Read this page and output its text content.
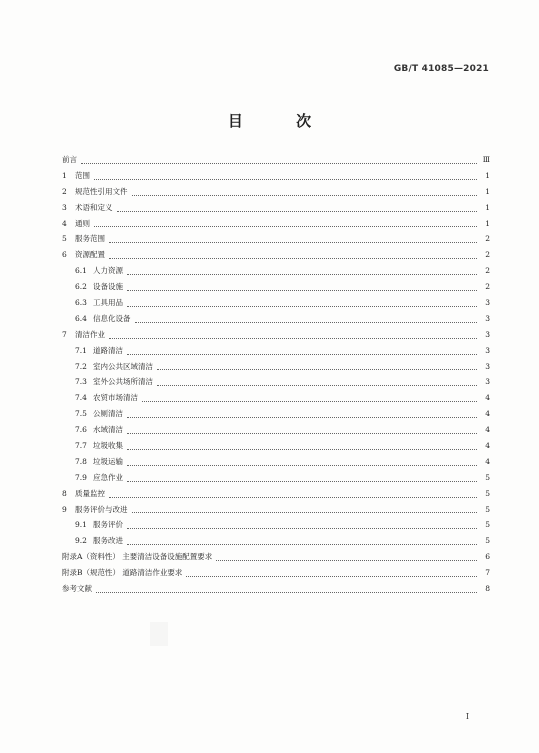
GB/T 41085—2021
目 次
前言	Ⅲ
1	范围	1
2	规范性引用文件	1
3	术语和定义	1
4	通则	1
5	服务范围	2
6	资源配置	2
6.1 人力资源	2
6.2 设备设施	2
6.3 工具用品	3
6.4 信息化设备	3
7	清洁作业	3
7.1 道路清洁	3
7.2 室内公共区域清洁	3
7.3 室外公共场所清洁	3
7.4 农贸市场清洁	4
7.5 公厕清洁	4
7.6 水域清洁	4
7.7 垃圾收集	4
7.8 垃圾运输	4
7.9 应急作业	5
8	质量监控	5
9	服务评价与改进	5
9.1 服务评价	5
9.2 服务改进	5
附录A（资料性） 主要清洁设备设施配置要求	6
附录B（规范性） 道路清洁作业要求	7
参考文献	8
I
